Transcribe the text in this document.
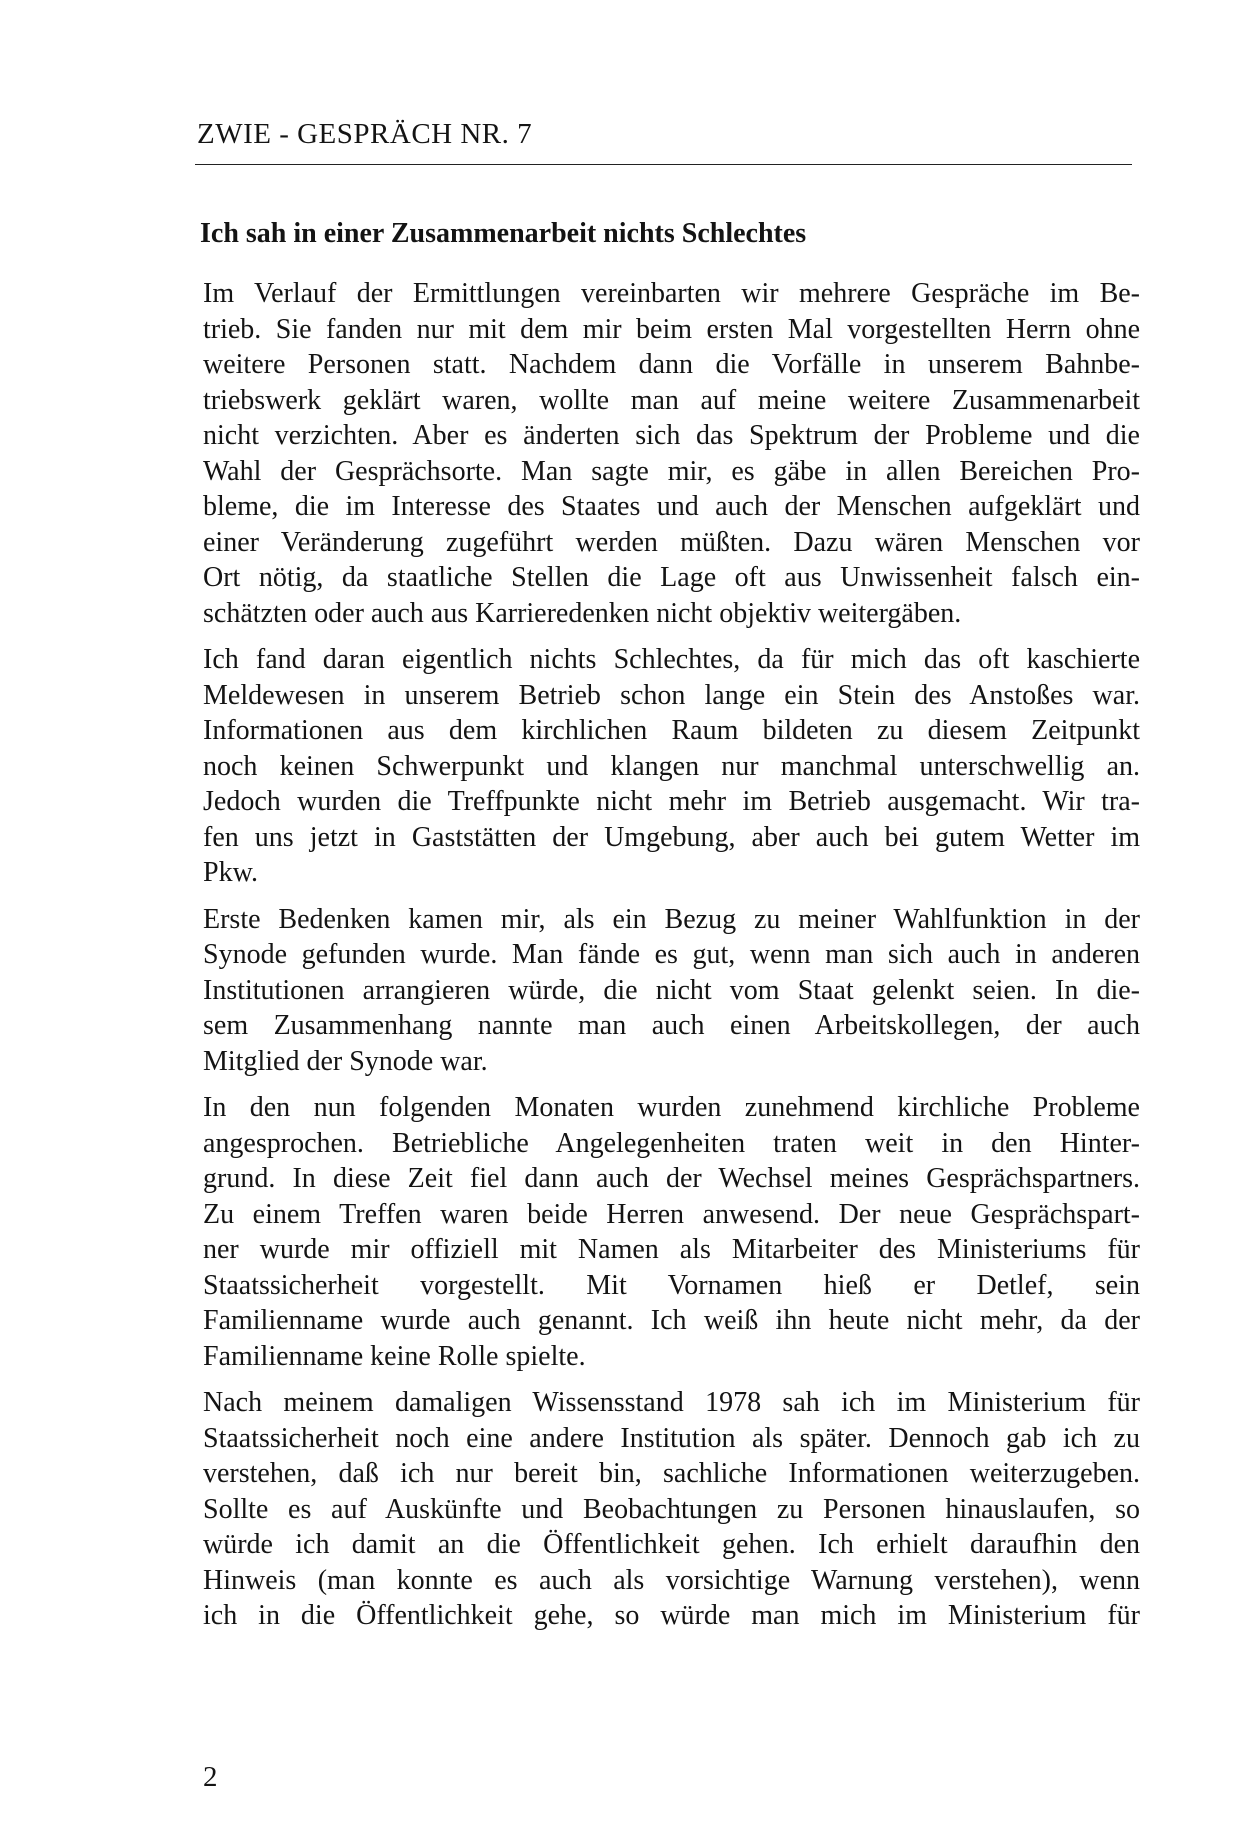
ZWIE - GESPRÄCH NR. 7
Ich sah in einer Zusammenarbeit nichts Schlechtes

Im Verlauf der Ermittlungen vereinbarten wir mehrere Gespräche im Be-
trieb. Sie fanden nur mit dem mir beim ersten Mal vorgestellten Herrn ohne
weitere Personen statt. Nachdem dann die Vorfälle in unserem Bahnbe-
triebswerk geklärt waren, wollte man auf meine weitere Zusammenarbeit
nicht verzichten. Aber es änderten sich das Spektrum der Probleme und die
Wahl der Gesprächsorte. Man sagte mir, es gäbe in allen Bereichen Pro-
bleme, die im Interesse des Staates und auch der Menschen aufgeklärt und
einer Veränderung zugeführt werden müßten. Dazu wären Menschen vor
Ort nötig, da staatliche Stellen die Lage oft aus Unwissenheit falsch ein-
schätzten oder auch aus Karrieredenken nicht objektiv weitergäben.

Ich fand daran eigentlich nichts Schlechtes, da für mich das oft kaschierte
Meldewesen in unserem Betrieb schon lange ein Stein des Anstoßes war.
Informationen aus dem kirchlichen Raum bildeten zu diesem Zeitpunkt
noch keinen Schwerpunkt und klangen nur manchmal unterschwellig an.
Jedoch wurden die Treffpunkte nicht mehr im Betrieb ausgemacht. Wir tra-
fen uns jetzt in Gaststätten der Umgebung, aber auch bei gutem Wetter im
Pkw.

Erste Bedenken kamen mir, als ein Bezug zu meiner Wahlfunktion in der
Synode gefunden wurde. Man fände es gut, wenn man sich auch in anderen
Institutionen arrangieren würde, die nicht vom Staat gelenkt seien. In die-
sem Zusammenhang nannte man auch einen Arbeitskollegen, der auch
Mitglied der Synode war.

In den nun folgenden Monaten wurden zunehmend kirchliche Probleme
angesprochen. Betriebliche Angelegenheiten traten weit in den Hinter-
grund. In diese Zeit fiel dann auch der Wechsel meines Gesprächspartners.
Zu einem Treffen waren beide Herren anwesend. Der neue Gesprächspart-
ner wurde mir offiziell mit Namen als Mitarbeiter des Ministeriums für
Staatssicherheit vorgestellt. Mit Vornamen hieß er Detlef, sein
Familienname wurde auch genannt. Ich weiß ihn heute nicht mehr, da der
Familienname keine Rolle spielte.

Nach meinem damaligen Wissensstand 1978 sah ich im Ministerium für
Staatssicherheit noch eine andere Institution als später. Dennoch gab ich zu
verstehen, daß ich nur bereit bin, sachliche Informationen weiterzugeben.
Sollte es auf Auskünfte und Beobachtungen zu Personen hinauslaufen, so
würde ich damit an die Öffentlichkeit gehen. Ich erhielt daraufhin den
Hinweis (man konnte es auch als vorsichtige Warnung verstehen), wenn
ich in die Öffentlichkeit gehe, so würde man mich im Ministerium für

2
